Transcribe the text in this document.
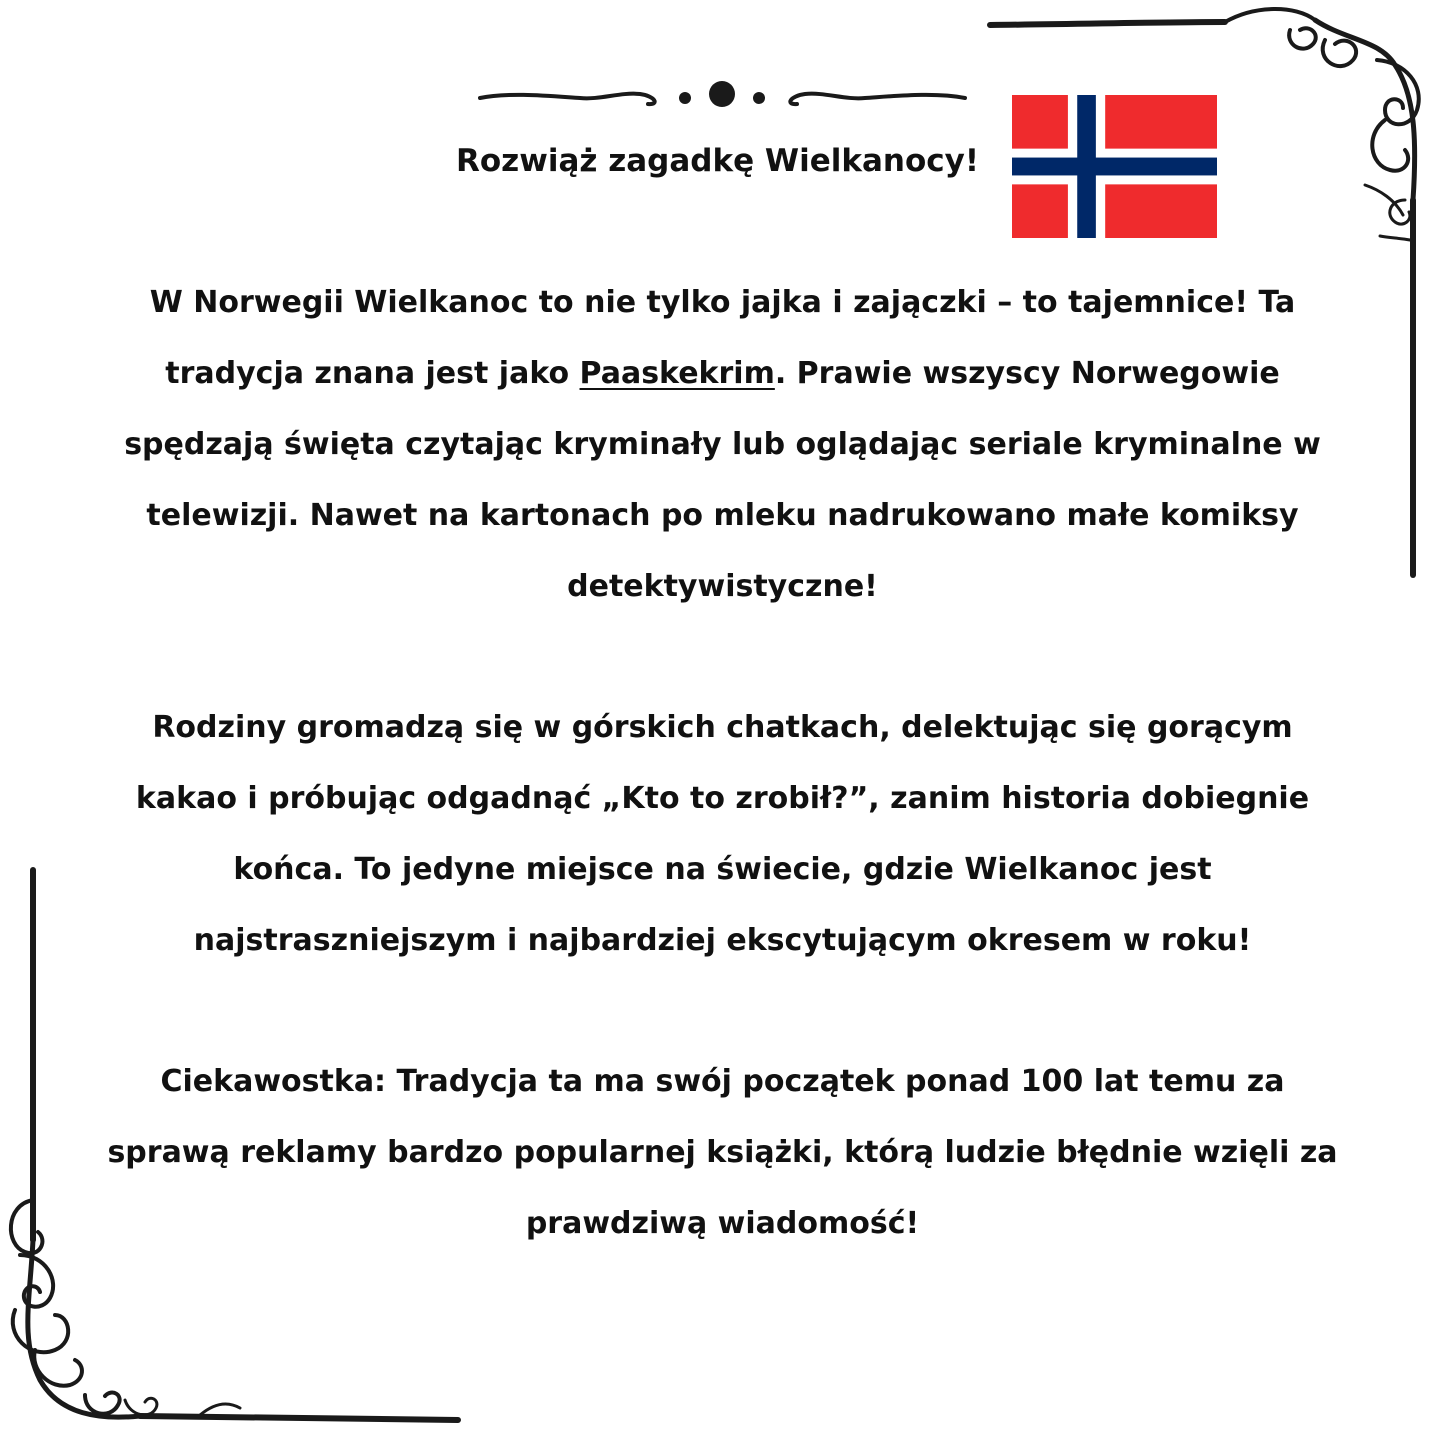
Rozwiąż zagadkę Wielkanocy!
W Norwegii Wielkanoc to nie tylko jajka i zajączki – to tajemnice! Ta
tradycja znana jest jako Paaskekrim. Prawie wszyscy Norwegowie
spędzają święta czytając kryminały lub oglądając seriale kryminalne w
telewizji. Nawet na kartonach po mleku nadrukowano małe komiksy
detektywistyczne!
Rodziny gromadzą się w górskich chatkach, delektując się gorącym
kakao i próbując odgadnąć „Kto to zrobił?”, zanim historia dobiegnie
końca. To jedyne miejsce na świecie, gdzie Wielkanoc jest
najstraszniejszym i najbardziej ekscytującym okresem w roku!
Ciekawostka: Tradycja ta ma swój początek ponad 100 lat temu za
sprawą reklamy bardzo popularnej książki, którą ludzie błędnie wzięli za
prawdziwą wiadomość!
